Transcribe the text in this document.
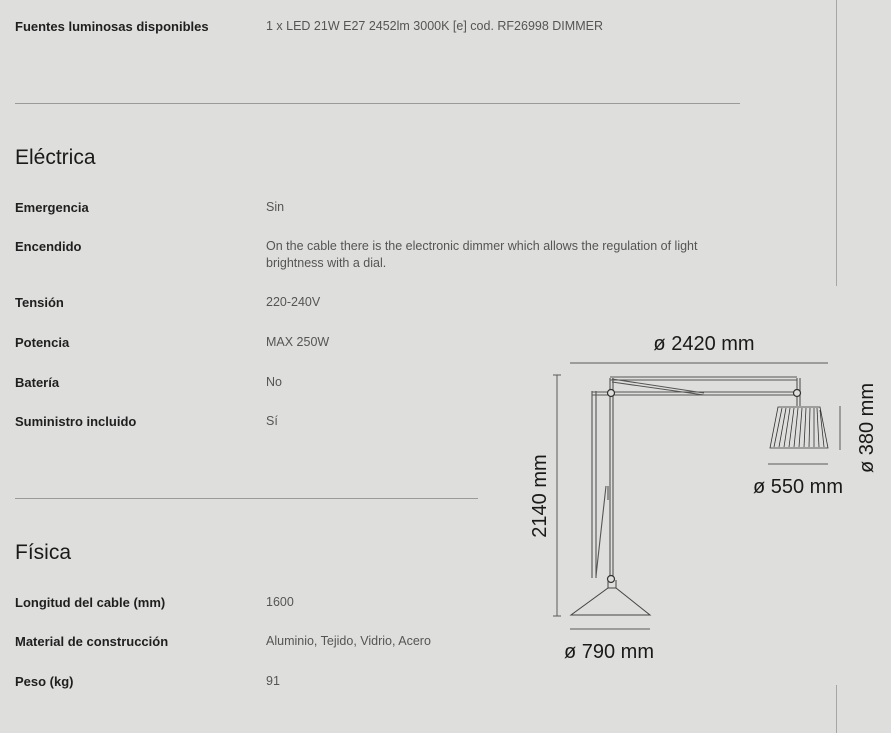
Fuentes luminosas disponibles	1 x LED 21W E27 2452lm 3000K [e] cod. RF26998 DIMMER
Eléctrica
Emergencia	Sin
Encendido	On the cable there is the electronic dimmer which allows the regulation of light brightness with a dial.
Tensión	220-240V
Potencia	MAX 250W
Batería	No
Suministro incluido	Sí
Física
Longitud del cable (mm)	1600
Material de construcción	Aluminio, Tejido, Vidrio, Acero
Peso (kg)	91
ø 2420 mm
2140 mm
ø 380 mm
ø 550 mm
ø 790 mm
